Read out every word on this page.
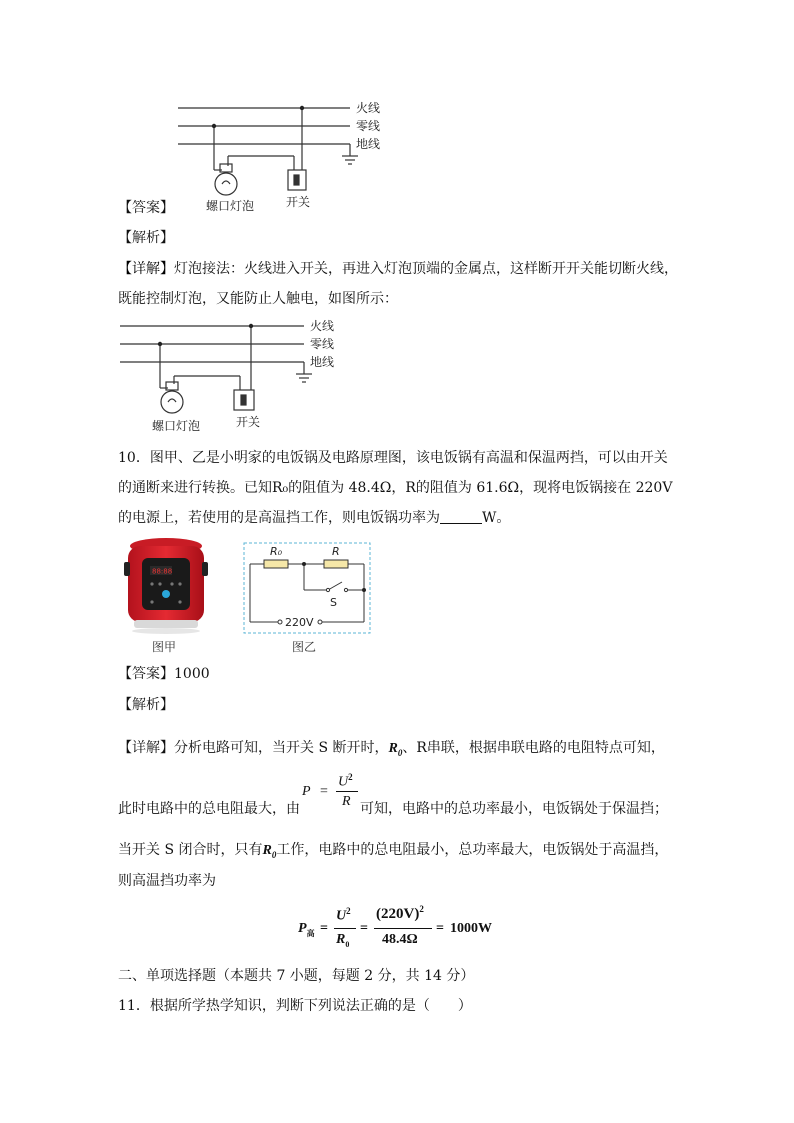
火线
零线
地线
螺口灯泡	开关
【答案】
【解析】
【详解】灯泡接法：火线进入开关，再进入灯泡顶端的金属点，这样断开开关能切断火线，
既能控制灯泡，又能防止人触电，如图所示：
火线
零线
地线
螺口灯泡	开关
10．图甲、乙是小明家的电饭锅及电路原理图，该电饭锅有高温和保温两挡，可以由开关
的通断来进行转换。已知R₀的阻值为 48.4Ω，R的阻值为 61.6Ω，现将电饭锅接在 220V
的电源上，若使用的是高温挡工作，则电饭锅功率为	W。
88:88
图甲
R₀	R
S
220V
图乙
【答案】1000
【解析】
【详解】分析电路可知，当开关 S 断开时，$R_0$、R串联，根据串联电路的电阻特点可知，
P =
$U^2$
R
此时电路中的总电阻最大，由	可知，电路中的总功率最小，电饭锅处于保温挡；
当开关 S 闭合时，只有$R_0$工作，电路中的总电阻最小，总功率最大，电饭锅处于高温挡，
则高温挡功率为
$P_高$ =
$U^2$
$R_0$
=
$(220V)^2$
48.4Ω
= 1000W
二、单项选择题（本题共 7 小题，每题 2 分，共 14 分）
11．根据所学热学知识，判断下列说法正确的是（　　）
